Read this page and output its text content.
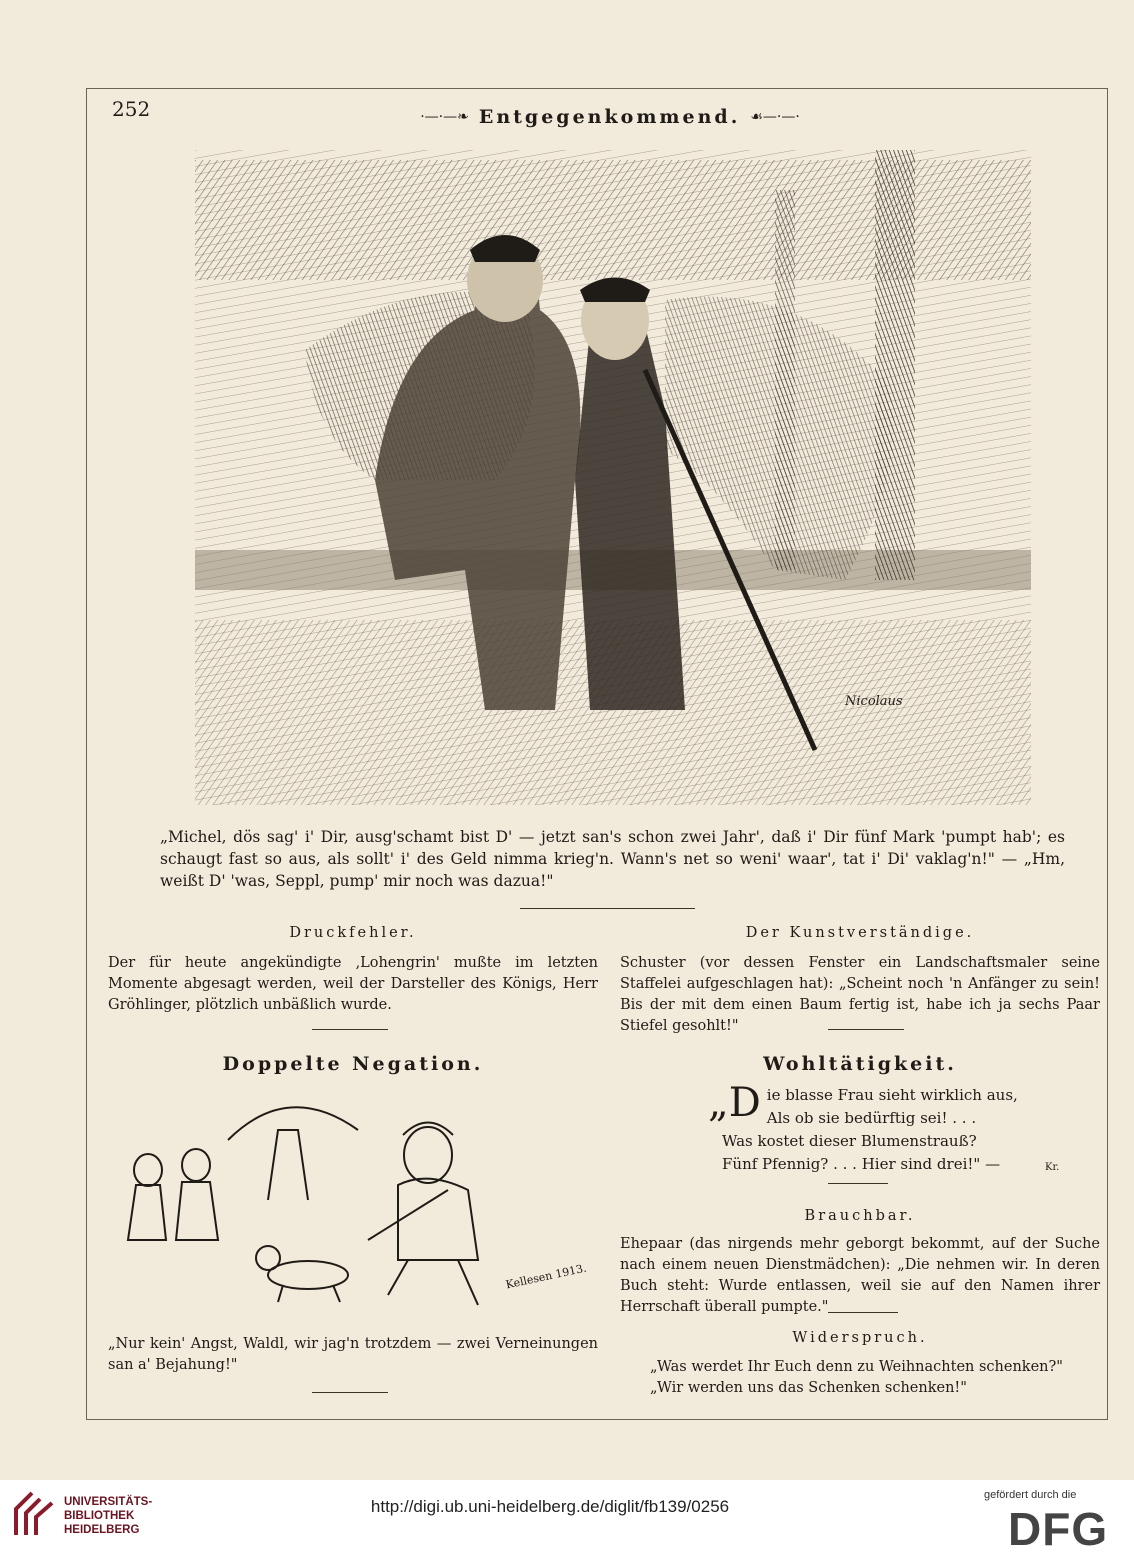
252	·—·—❧ Entgegenkommend. ☙—·—·
Nicolaus
„Michel, dös sag' i' Dir, ausg'schamt bist D' — jetzt san's schon zwei Jahr', daß i' Dir fünf Mark 'pumpt hab'; es schaugt fast so aus, als sollt' i' des Geld nimma krieg'n. Wann's net so weni' waar', tat i' Di' vaklag'n!" — „Hm, weißt D' 'was, Seppl, pump' mir noch was dazua!"
Druckfehler.
Der für heute angekündigte ‚Lohengrin' mußte im letzten Momente abgesagt werden, weil der Darsteller des Königs, Herr Gröhlinger, plötzlich unbäßlich wurde.
Doppelte Negation.
Kellesen 1913.
„Nur kein' Angst, Waldl, wir jag'n trotzdem — zwei Verneinungen san a' Bejahung!"
Der Kunstverständige.
Schuster (vor dessen Fenster ein Landschaftsmaler seine Staffelei aufgeschlagen hat): „Scheint noch 'n Anfänger zu sein! Bis der mit dem einen Baum fertig ist, habe ich ja sechs Paar Stiefel gesohlt!"
Wohltätigkeit.
„D ie blasse Frau sieht wirklich aus,
Als ob sie bedürftig sei! . . .
Was kostet dieser Blumenstrauß?
Fünf Pfennig? . . . Hier sind drei!" —	Kr.
Brauchbar.
Ehepaar (das nirgends mehr geborgt bekommt, auf der Suche nach einem neuen Dienstmädchen): „Die nehmen wir. In deren Buch steht: Wurde entlassen, weil sie auf den Namen ihrer Herrschaft überall pumpte."
Widerspruch.
„Was werdet Ihr Euch denn zu Weihnachten schenken?"
„Wir werden uns das Schenken schenken!"
UNIVERSITÄTS-
BIBLIOTHEK
HEIDELBERG
http://digi.ub.uni-heidelberg.de/diglit/fb139/0256
gefördert durch die
DFG
